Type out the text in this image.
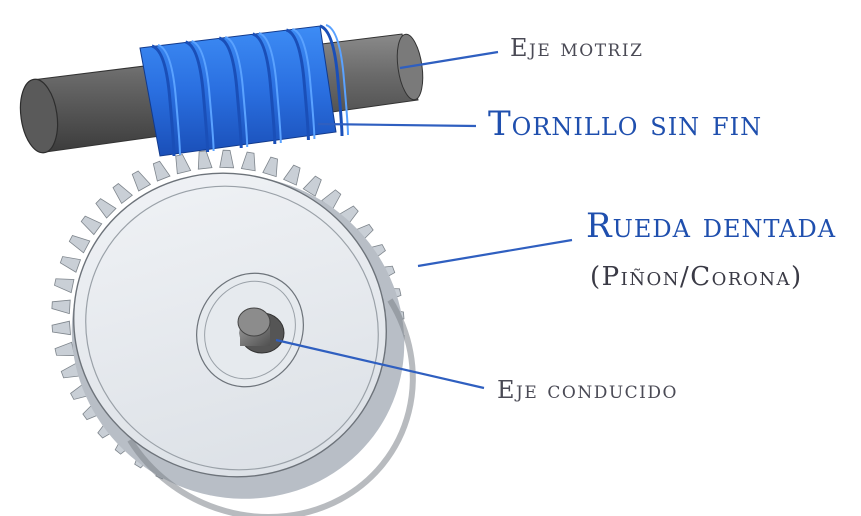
Eje motriz
Tornillo sin fin
Rueda dentada
(Piñon/Corona)
Eje conducido
